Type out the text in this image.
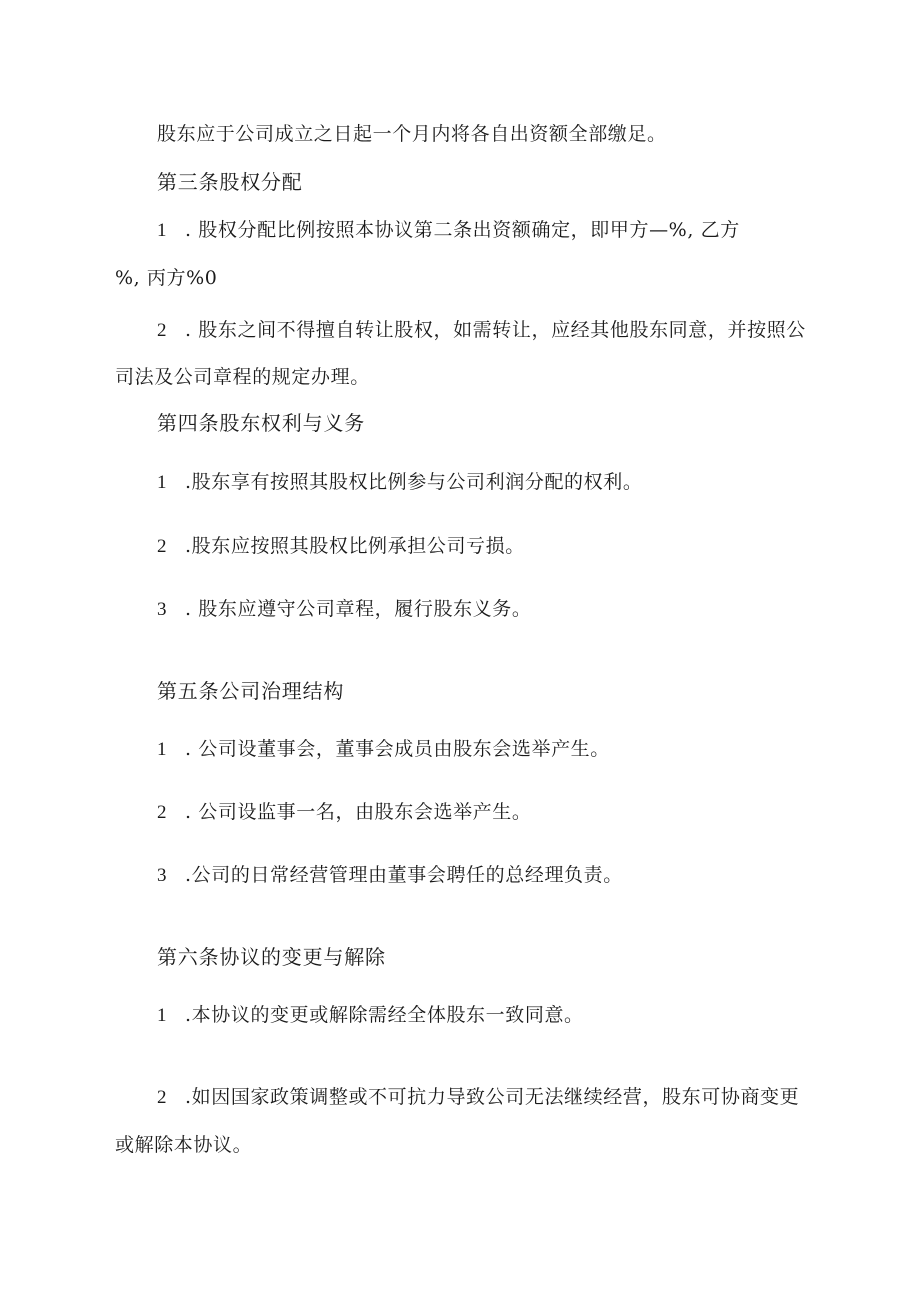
股东应于公司成立之日起一个月内将各自出资额全部缴足。
第三条股权分配
1 . 股权分配比例按照本协议第二条出资额确定，即甲方—%, 乙方
%, 丙方%0
2 . 股东之间不得擅自转让股权，如需转让，应经其他股东同意，并按照公
司法及公司章程的规定办理。
第四条股东权利与义务
1 .股东享有按照其股权比例参与公司利润分配的权利。
2 .股东应按照其股权比例承担公司亏损。
3 . 股东应遵守公司章程，履行股东义务。
第五条公司治理结构
1 . 公司设董事会，董事会成员由股东会选举产生。
2 . 公司设监事一名，由股东会选举产生。
3 .公司的日常经营管理由董事会聘任的总经理负责。
第六条协议的变更与解除
1 .本协议的变更或解除需经全体股东一致同意。
2 .如因国家政策调整或不可抗力导致公司无法继续经营，股东可协商变更
或解除本协议。
